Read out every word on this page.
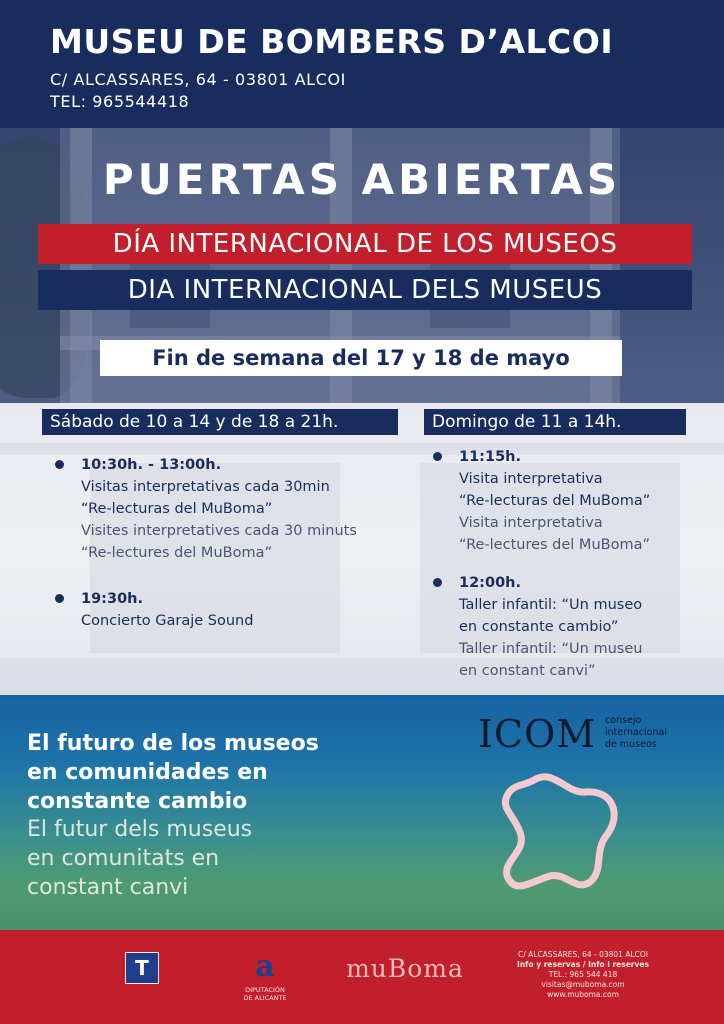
MUSEU DE BOMBERS D’ALCOI
C/ ALCASSARES, 64 - 03801 ALCOI
TEL: 965544418
PUERTAS ABIERTAS
DÍA INTERNACIONAL DE LOS MUSEOS
DIA INTERNACIONAL DELS MUSEUS
Fin de semana del 17 y 18 de mayo
Sábado de 10 a 14 y de 18 a 21h.	Domingo de 11 a 14h.
10:30h. - 13:00h.
Visitas interpretativas cada 30min
“Re-lecturas del MuBoma”
Visites interpretatives cada 30 minuts
“Re-lectures del MuBoma”
19:30h.
Concierto Garaje Sound
11:15h.
Visita interpretativa
“Re-lecturas del MuBoma”
Visita interpretativa
“Re-lectures del MuBoma”
12:00h.
Taller infantil: “Un museo
en constante cambio”
Taller infantil: “Un museu
en constant canvi”
El futuro de los museos
en comunidades en
constante cambio
El futur dels museus
en comunitats en
constant canvi
ICOM consejo
internacional
de museos
T	a
DIPUTACIÓN
DE ALICANTE
muBoma	C/ ALCASSARES, 64 - 03801 ALCOI
Info y reservas / Info i reserves
TEL.: 965 544 418
visitas@muboma.com
www.muboma.com
